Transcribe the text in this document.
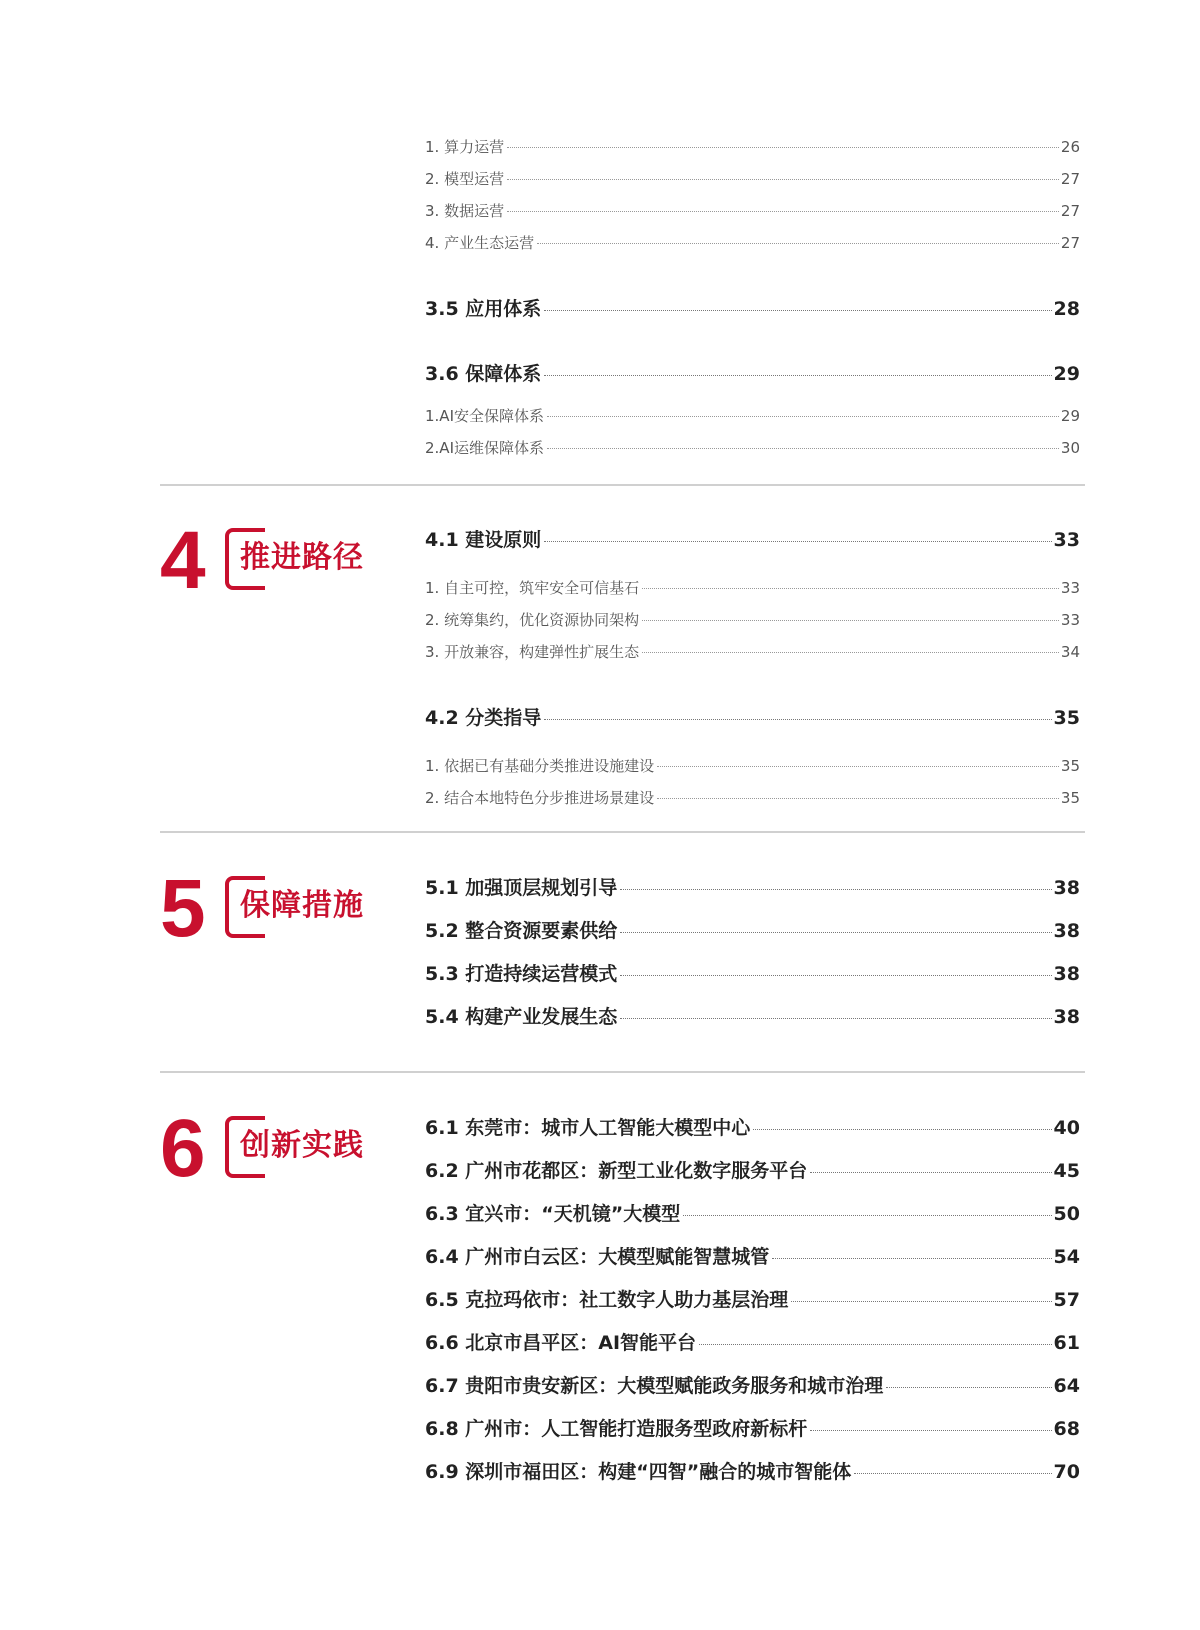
1. 算力运营	26
2. 模型运营	27
3. 数据运营	27
4. 产业生态运营	27
3.5 应用体系	28
3.6 保障体系	29
1.AI安全保障体系	29
2.AI运维保障体系	30
4 推进路径	4.1 建设原则	33
1. 自主可控，筑牢安全可信基石	33
2. 统筹集约，优化资源协同架构	33
3. 开放兼容，构建弹性扩展生态	34
4.2 分类指导	35
1. 依据已有基础分类推进设施建设	35
2. 结合本地特色分步推进场景建设	35
5 保障措施	5.1 加强顶层规划引导	38
5.2 整合资源要素供给	38
5.3 打造持续运营模式	38
5.4 构建产业发展生态	38
6 创新实践	6.1 东莞市：城市人工智能大模型中心	40
6.2 广州市花都区：新型工业化数字服务平台	45
6.3 宜兴市：“天机镜”大模型	50
6.4 广州市白云区：大模型赋能智慧城管	54
6.5 克拉玛依市：社工数字人助力基层治理	57
6.6 北京市昌平区：AI智能平台	61
6.7 贵阳市贵安新区：大模型赋能政务服务和城市治理	64
6.8 广州市：人工智能打造服务型政府新标杆	68
6.9 深圳市福田区：构建“四智”融合的城市智能体	70
